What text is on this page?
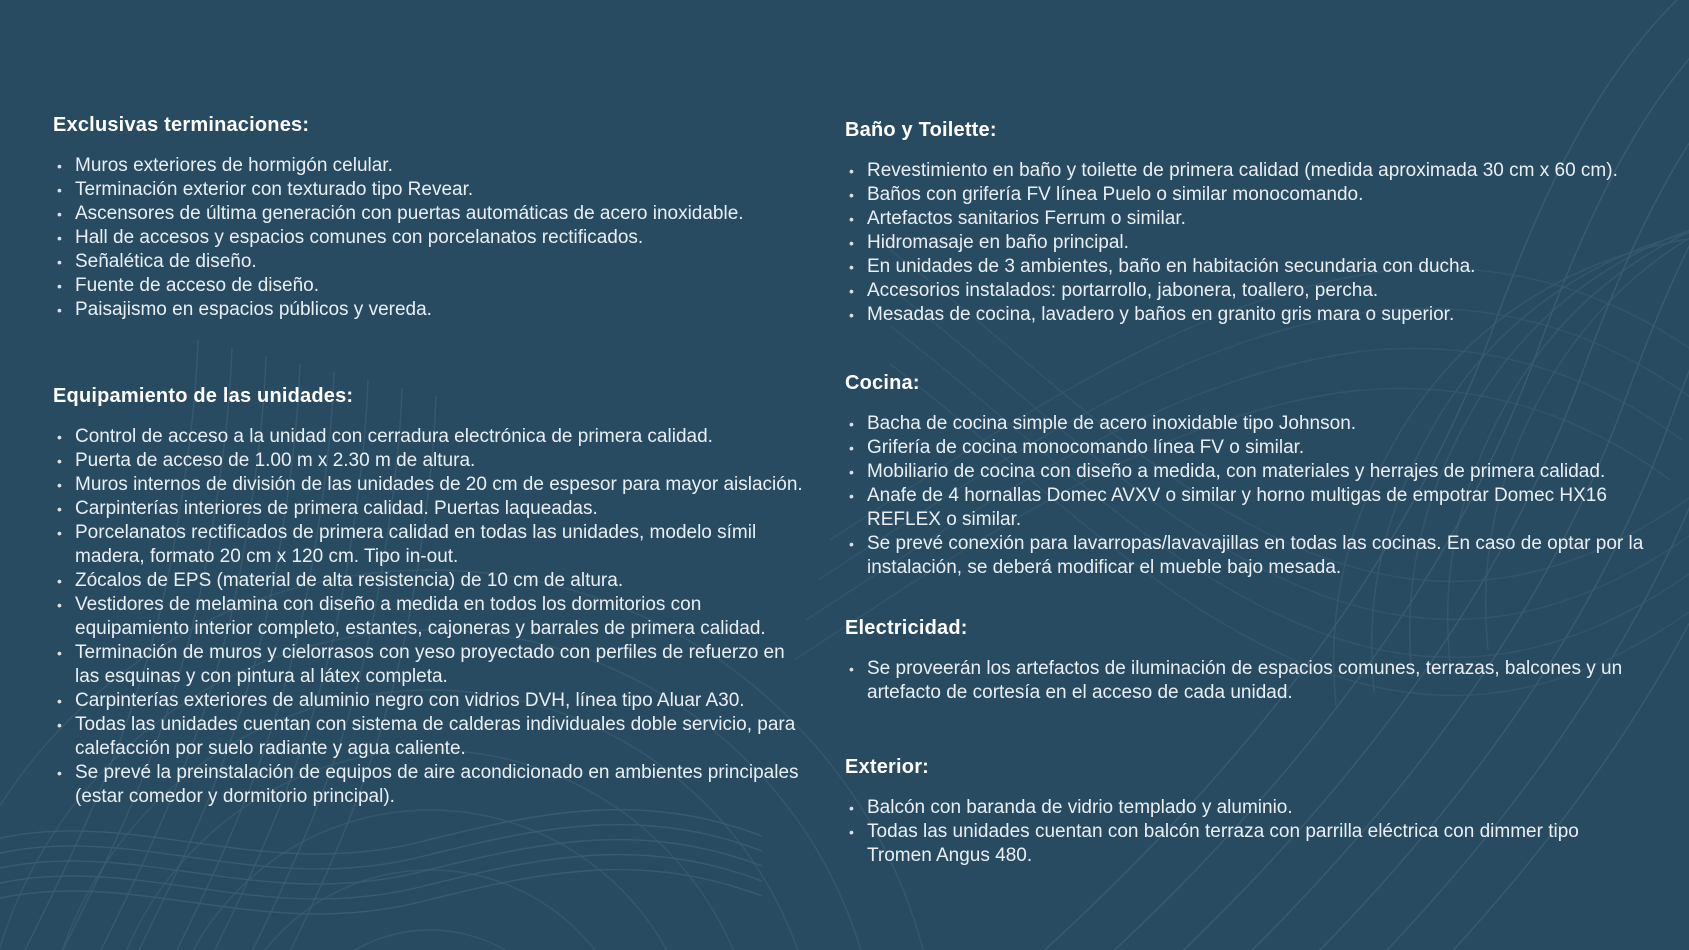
Exclusivas terminaciones:
• Muros exteriores de hormigón celular.
• Terminación exterior con texturado tipo Revear.
• Ascensores de última generación con puertas automáticas de acero inoxidable.
• Hall de accesos y espacios comunes con porcelanatos rectificados.
• Señalética de diseño.
• Fuente de acceso de diseño.
• Paisajismo en espacios públicos y vereda.
Equipamiento de las unidades:
• Control de acceso a la unidad con cerradura electrónica de primera calidad.
• Puerta de acceso de 1.00 m x 2.30 m de altura.
• Muros internos de división de las unidades de 20 cm de espesor para mayor aislación.
• Carpinterías interiores de primera calidad. Puertas laqueadas.
• Porcelanatos rectificados de primera calidad en todas las unidades, modelo símil madera, formato 20 cm x 120 cm. Tipo in-out.
• Zócalos de EPS (material de alta resistencia) de 10 cm de altura.
• Vestidores de melamina con diseño a medida en todos los dormitorios con equipamiento interior completo, estantes, cajoneras y barrales de primera calidad.
• Terminación de muros y cielorrasos con yeso proyectado con perfiles de refuerzo en las esquinas y con pintura al látex completa.
• Carpinterías exteriores de aluminio negro con vidrios DVH, línea tipo Aluar A30.
• Todas las unidades cuentan con sistema de calderas individuales doble servicio, para calefacción por suelo radiante y agua caliente.
• Se prevé la preinstalación de equipos de aire acondicionado en ambientes principales (estar comedor y dormitorio principal).
Baño y Toilette:
• Revestimiento en baño y toilette de primera calidad (medida aproximada 30 cm x 60 cm).
• Baños con grifería FV línea Puelo o similar monocomando.
• Artefactos sanitarios Ferrum o similar.
• Hidromasaje en baño principal.
• En unidades de 3 ambientes, baño en habitación secundaria con ducha.
• Accesorios instalados: portarrollo, jabonera, toallero, percha.
• Mesadas de cocina, lavadero y baños en granito gris mara o superior.
Cocina:
• Bacha de cocina simple de acero inoxidable tipo Johnson.
• Grifería de cocina monocomando línea FV o similar.
• Mobiliario de cocina con diseño a medida, con materiales y herrajes de primera calidad.
• Anafe de 4 hornallas Domec AVXV o similar y horno multigas de empotrar Domec HX16 REFLEX o similar.
• Se prevé conexión para lavarropas/lavavajillas en todas las cocinas. En caso de optar por la instalación, se deberá modificar el mueble bajo mesada.
Electricidad:
• Se proveerán los artefactos de iluminación de espacios comunes, terrazas, balcones y un artefacto de cortesía en el acceso de cada unidad.
Exterior:
• Balcón con baranda de vidrio templado y aluminio.
• Todas las unidades cuentan con balcón terraza con parrilla eléctrica con dimmer tipo Tromen Angus 480.
